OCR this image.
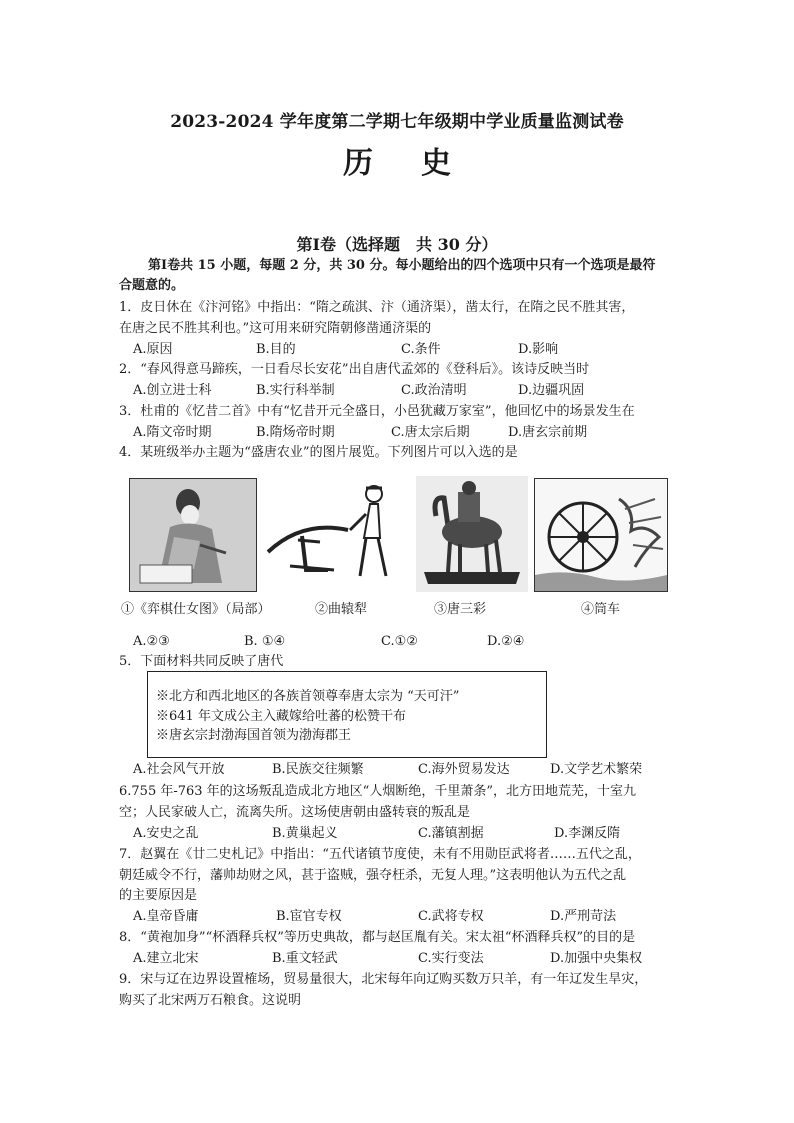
2023-2024 学年度第二学期七年级期中学业质量监测试卷
历史
第Ⅰ卷（选择题　共 30 分）
第Ⅰ卷共 15 小题，每题 2 分，共 30 分。每小题给出的四个选项中只有一个选项是最符
合题意的。
1．皮日休在《汴河铭》中指出：“隋之疏淇、汴（通济渠），凿太行，在隋之民不胜其害，
在唐之民不胜其利也。”这可用来研究隋朝修凿通济渠的
A.原因	B.目的	C.条件	D.影响
2．“春风得意马蹄疾，一日看尽长安花”出自唐代孟郊的《登科后》。该诗反映当时
A.创立进士科	B.实行科举制	C.政治清明	D.边疆巩固
3．杜甫的《忆昔二首》中有“忆昔开元全盛日，小邑犹藏万家室”，他回忆中的场景发生在
A.隋文帝时期	B.隋炀帝时期	C.唐太宗后期	D.唐玄宗前期
4．某班级举办主题为“盛唐农业”的图片展览。下列图片可以入选的是
①《弈棋仕女图》（局部）	②曲辕犁	③唐三彩	④筒车
A.②③	B. ①④	C.①②	D.②④
5．下面材料共同反映了唐代
※北方和西北地区的各族首领尊奉唐太宗为 “天可汗”
※641 年文成公主入藏嫁给吐蕃的松赞干布
※唐玄宗封渤海国首领为渤海郡王
A.社会风气开放	B.民族交往频繁	C.海外贸易发达	D.文学艺术繁荣
6.755 年-763 年的这场叛乱造成北方地区“人烟断绝，千里萧条”，北方田地荒芜，十室九
空；人民家破人亡，流离失所。这场使唐朝由盛转衰的叛乱是
A.安史之乱	B.黄巢起义	C.藩镇割据	D.李渊反隋
7．赵翼在《廿二史札记》中指出：“五代诸镇节度使，未有不用勋臣武将者……五代之乱，
朝廷威令不行，藩帅劫财之风，甚于盗贼，强夺枉杀，无复人理。”这表明他认为五代之乱
的主要原因是
A.皇帝昏庸	B.宦官专权	C.武将专权	D.严刑苛法
8．“黄袍加身”“杯酒释兵权”等历史典故，都与赵匡胤有关。宋太祖“杯酒释兵权”的目的是
A.建立北宋	B.重文轻武	C.实行变法	D.加强中央集权
9．宋与辽在边界设置榷场，贸易量很大，北宋每年向辽购买数万只羊，有一年辽发生旱灾，
购买了北宋两万石粮食。这说明
